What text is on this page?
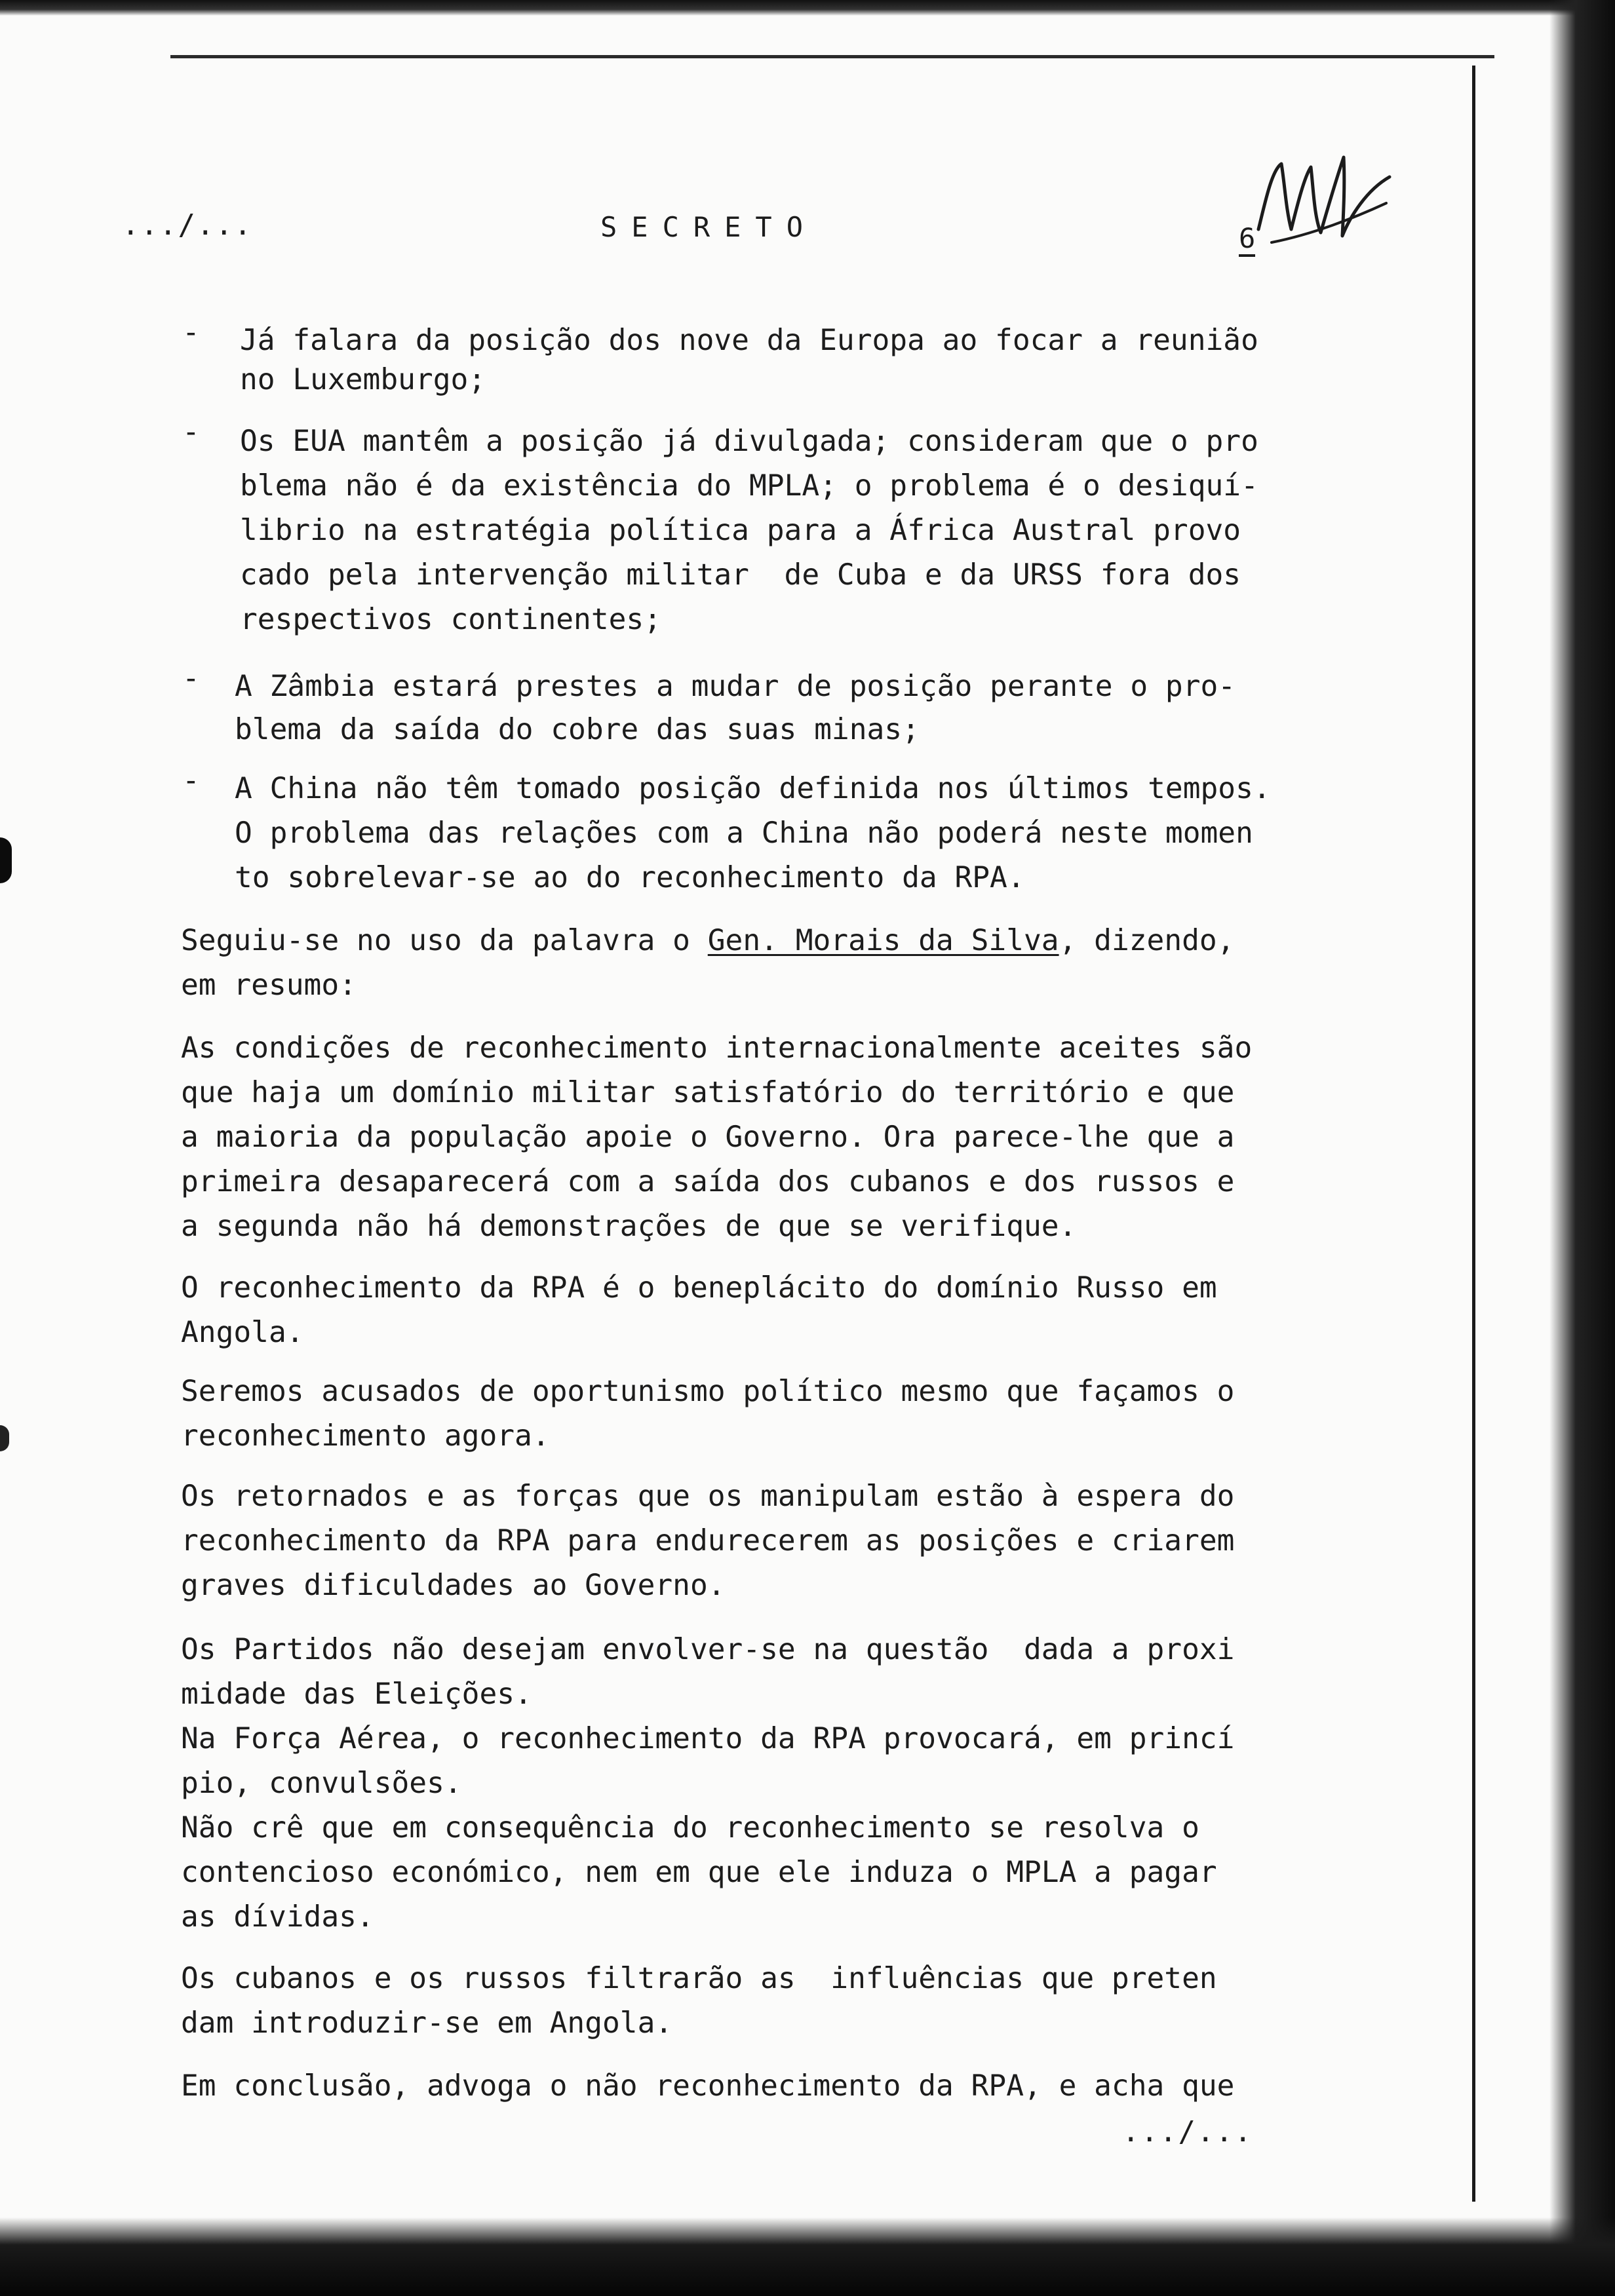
.../...	SECRETO	6
- Já falara da posição dos nove da Europa ao focar a reunião
no Luxemburgo;
- Os EUA mantêm a posição já divulgada; consideram que o pro
blema não é da existência do MPLA; o problema é o desiquí-
librio na estratégia política para a África Austral provo
cado pela intervenção militar  de Cuba e da URSS fora dos
respectivos continentes;
- A Zâmbia estará prestes a mudar de posição perante o pro-
blema da saída do cobre das suas minas;
- A China não têm tomado posição definida nos últimos tempos.
O problema das relações com a China não poderá neste momen
to sobrelevar-se ao do reconhecimento da RPA.
Seguiu-se no uso da palavra o Gen. Morais da Silva, dizendo,
em resumo:
As condições de reconhecimento internacionalmente aceites são
que haja um domínio militar satisfatório do território e que
a maioria da população apoie o Governo. Ora parece-lhe que a
primeira desaparecerá com a saída dos cubanos e dos russos e
a segunda não há demonstrações de que se verifique.
O reconhecimento da RPA é o beneplácito do domínio Russo em
Angola.
Seremos acusados de oportunismo político mesmo que façamos o
reconhecimento agora.
Os retornados e as forças que os manipulam estão à espera do
reconhecimento da RPA para endurecerem as posições e criarem
graves dificuldades ao Governo.
Os Partidos não desejam envolver-se na questão  dada a proxi
midade das Eleições.
Na Força Aérea, o reconhecimento da RPA provocará, em princí
pio, convulsões.
Não crê que em consequência do reconhecimento se resolva o
contencioso económico, nem em que ele induza o MPLA a pagar
as dívidas.
Os cubanos e os russos filtrarão as  influências que preten
dam introduzir-se em Angola.
Em conclusão, advoga o não reconhecimento da RPA, e acha que
.../...
